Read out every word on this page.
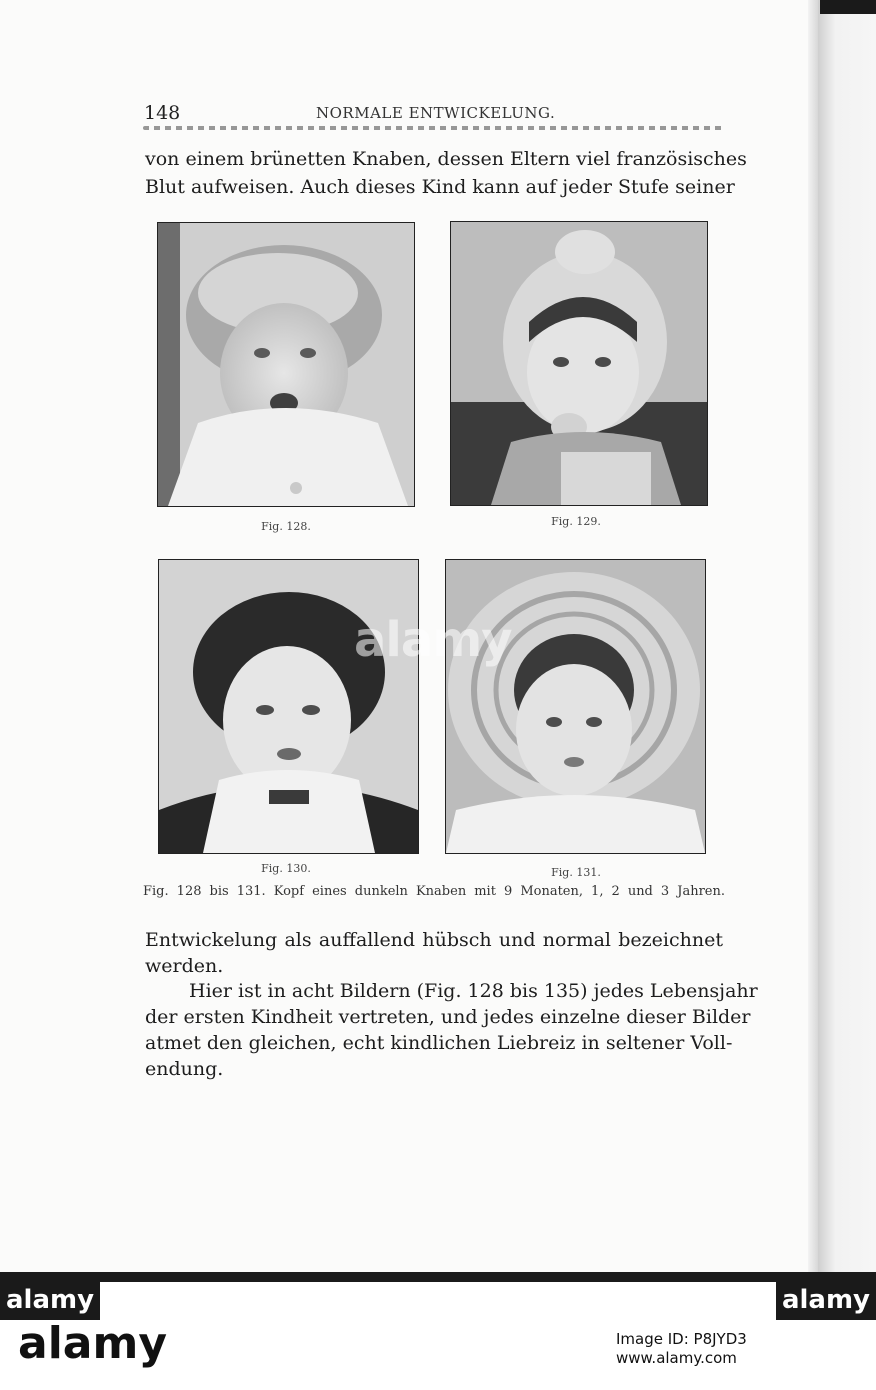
148	NORMALE ENTWICKELUNG.
von einem brünetten Knaben, dessen Eltern viel französisches
Blut aufweisen. Auch dieses Kind kann auf jeder Stufe seiner
Fig. 128.	Fig. 129.
Fig. 130.	Fig. 131.
Fig. 128 bis 131. Kopf eines dunkeln Knaben mit 9 Monaten, 1, 2 und 3 Jahren.
Entwickelung als auffallend hübsch und normal bezeichnet
werden.
Hier ist in acht Bildern (Fig. 128 bis 135) jedes Lebensjahr
der ersten Kindheit vertreten, und jedes einzelne dieser Bilder
atmet den gleichen, echt kindlichen Liebreiz in seltener Voll-
endung.
alamy
alamy	alamy
alamy	Image ID: P8JYD3
www.alamy.com
